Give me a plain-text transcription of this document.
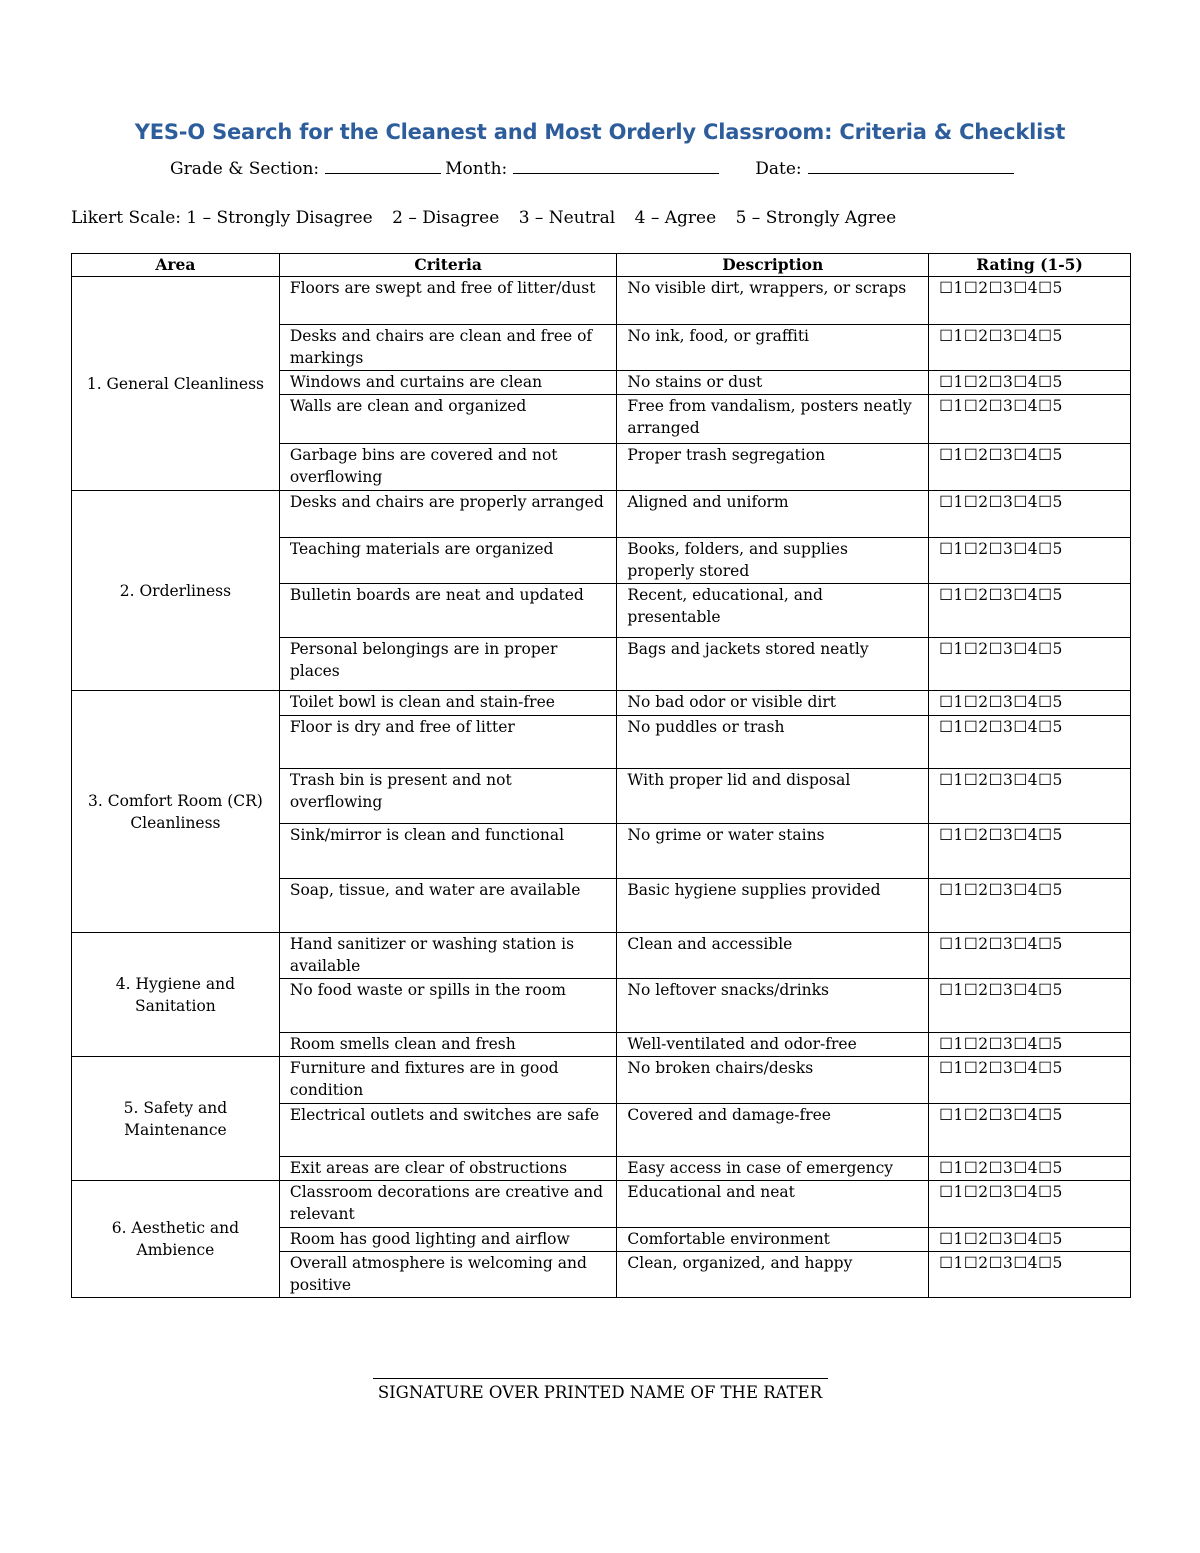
YES-O Search for the Cleanest and Most Orderly Classroom: Criteria & Checklist
Grade & Section:	Month:	Date:
Likert Scale: 1 – Strongly Disagree 2 – Disagree 3 – Neutral 4 – Agree 5 – Strongly Agree
Area	Criteria	Description	Rating (1-5)
1. General Cleanliness	Floors are swept and free of litter/dust	No visible dirt, wrappers, or scraps	☐1☐2☐3☐4☐5
	Desks and chairs are clean and free of markings	No ink, food, or graffiti	☐1☐2☐3☐4☐5
	Windows and curtains are clean	No stains or dust	☐1☐2☐3☐4☐5
	Walls are clean and organized	Free from vandalism, posters neatly arranged	☐1☐2☐3☐4☐5
	Garbage bins are covered and not overflowing	Proper trash segregation	☐1☐2☐3☐4☐5
2. Orderliness	Desks and chairs are properly arranged	Aligned and uniform	☐1☐2☐3☐4☐5
	Teaching materials are organized	Books, folders, and supplies properly stored	☐1☐2☐3☐4☐5
	Bulletin boards are neat and updated	Recent, educational, and presentable	☐1☐2☐3☐4☐5
	Personal belongings are in proper places	Bags and jackets stored neatly	☐1☐2☐3☐4☐5
3. Comfort Room (CR) Cleanliness	Toilet bowl is clean and stain-free	No bad odor or visible dirt	☐1☐2☐3☐4☐5
	Floor is dry and free of litter	No puddles or trash	☐1☐2☐3☐4☐5
	Trash bin is present and not overflowing	With proper lid and disposal	☐1☐2☐3☐4☐5
	Sink/mirror is clean and functional	No grime or water stains	☐1☐2☐3☐4☐5
	Soap, tissue, and water are available	Basic hygiene supplies provided	☐1☐2☐3☐4☐5
4. Hygiene and Sanitation	Hand sanitizer or washing station is available	Clean and accessible	☐1☐2☐3☐4☐5
	No food waste or spills in the room	No leftover snacks/drinks	☐1☐2☐3☐4☐5
	Room smells clean and fresh	Well-ventilated and odor-free	☐1☐2☐3☐4☐5
5. Safety and Maintenance	Furniture and fixtures are in good condition	No broken chairs/desks	☐1☐2☐3☐4☐5
	Electrical outlets and switches are safe	Covered and damage-free	☐1☐2☐3☐4☐5
	Exit areas are clear of obstructions	Easy access in case of emergency	☐1☐2☐3☐4☐5
6. Aesthetic and Ambience	Classroom decorations are creative and relevant	Educational and neat	☐1☐2☐3☐4☐5
	Room has good lighting and airflow	Comfortable environment	☐1☐2☐3☐4☐5
	Overall atmosphere is welcoming and positive	Clean, organized, and happy	☐1☐2☐3☐4☐5
SIGNATURE OVER PRINTED NAME OF THE RATER
